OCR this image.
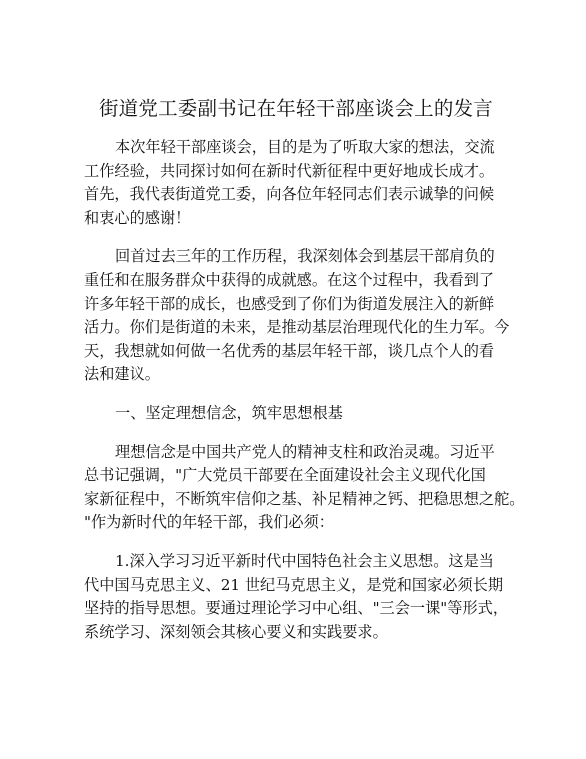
街道党工委副书记在年轻干部座谈会上的发言

本次年轻干部座谈会，目的是为了听取大家的想法，交流
工作经验，共同探讨如何在新时代新征程中更好地成长成才。
首先，我代表街道党工委，向各位年轻同志们表示诚挚的问候
和衷心的感谢！

回首过去三年的工作历程，我深刻体会到基层干部肩负的
重任和在服务群众中获得的成就感。在这个过程中，我看到了
许多年轻干部的成长，也感受到了你们为街道发展注入的新鲜
活力。你们是街道的未来，是推动基层治理现代化的生力军。今
天，我想就如何做一名优秀的基层年轻干部，谈几点个人的看
法和建议。

一、坚定理想信念，筑牢思想根基

理想信念是中国共产党人的精神支柱和政治灵魂。习近平
总书记强调，"广大党员干部要在全面建设社会主义现代化国
家新征程中，不断筑牢信仰之基、补足精神之钙、把稳思想之舵。
"作为新时代的年轻干部，我们必须：

1.深入学习习近平新时代中国特色社会主义思想。这是当
代中国马克思主义、21 世纪马克思主义，是党和国家必须长期
坚持的指导思想。要通过理论学习中心组、"三会一课"等形式，
系统学习、深刻领会其核心要义和实践要求。
